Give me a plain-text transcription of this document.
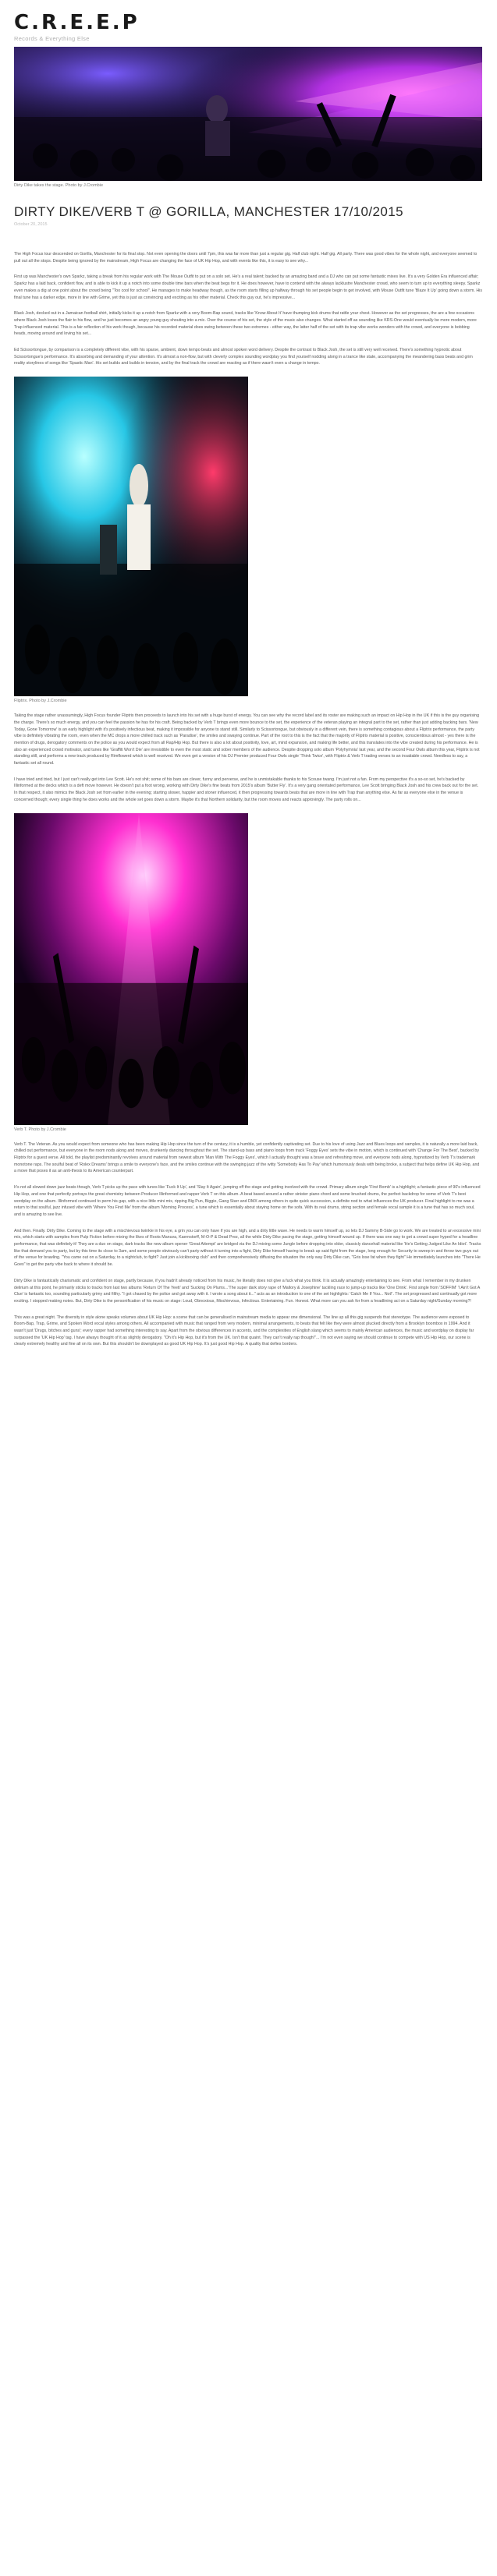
C.R.E.E.P
Records & Everything Else
Dirty Dike takes the stage. Photo by J.Crombie
DIRTY DIKE/VERB T @ GORILLA, MANCHESTER 17/10/2015
October 20, 2015

The High Focus tour descended on Gorilla, Manchester for its final stop. Not even opening the doors until 7pm, this was far more than just a regular gig. Half club night. Half gig. All party. There was good vibes for the whole night, and everyone seemed to pull out all the stops. Despite being ignored by the mainstream, High Focus are changing the face of UK Hip Hop, and with events like this, it is easy to see why...

First up was Manchester's own Sparkz, taking a break from his regular work with The Mouse Outfit to put on a solo set. He's a real talent; backed by an amazing band and a DJ who can put some fantastic mixes live. It's a very Golden Era influenced affair; Sparkz has a laid back, confident flow, and is able to kick it up a notch into some double time bars when the beat begs for it. He does however, have to contend with the always lacklustre Manchester crowd, who seem to turn up to everything sleepy. Sparkz even makes a dig at one point about the crowd being "Too cool for school". He manages to make headway though, as the room starts filling up halfway through his set people begin to get involved, with Mouse Outfit tune 'Blaze It Up' going down a storm. His final tune has a darker edge, more in line with Grime, yet this is just as convincing and exciting as his other material. Check this guy out, he's impressive...

Black Josh, decked out in a Jamaican football shirt, initially kicks it up a notch from Sparkz with a very Boom-Bap sound, tracks like 'Know About It' have thumping kick drums that rattle your chest. However as the set progresses, the are a few occasions where Black Josh loses the flair to his flow, and he just becomes an angry young guy shouting into a mic. Over the course of his set, the style of the music also changes. What started off as sounding like KRS-One would eventually be more modern, more Trap influenced material. This is a fair reflection of his work though, because his recorded material does swing between these two extremes - either way, the latter half of the set with its trap vibe works wonders with the crowd, and everyone is bobbing heads, moving around and loving his set...

Ed Scissortongue, by comparison is a completely different vibe, with his sparse, ambient, down tempo beats and almost spoken word delivery. Despite the contrast to Black Josh, the set is still very well received. There's something hypnotic about Scissortongue's performance. It's absorbing and demanding of your attention. It's almost a non-flow, but with cleverly complex sounding wordplay you find yourself nodding along in a trance like state, accompanying the meandering bass beats and grim reality storylines of songs like 'Spastic Man'. His set builds and builds in tension, and by the final track the crowd are reacting as if there wasn't even a change in tempo.

Fliptrix. Photo by J.Crombie

Taking the stage rather unassumingly, High Focus founder Fliptrix then proceeds to launch into his set with a huge burst of energy. You can see why the record label and its roster are making such an impact on Hip Hop in the UK if this is the guy organising the charge. There's so much energy, and you can feel the passion he has for his craft. Being backed by Verb T brings even more bounce to the set, the experience of the veteran playing an integral part to the set, rather than just adding backing bars. 'New Today, Gone Tomorrow' is an early highlight with it's positively infectious beat, making it impossible for anyone to stand still. Similarly to Scissortongue, but obviously in a different vein, there is something contagious about a Fliptrix performance, the party vibe is definitely vibrating the room, even when the MC drops a more chilled track such as 'Paradise', the smiles and swaying continue. Part of the root to this is the fact that the majority of Fliptrix material is positive, conscientious almost - yes there is the mention of drugs, derogatory comments on the police as you would expect from all Rap/Hip Hop. But there is also a lot about positivity, love, art, mind expansion, and making life better, and this translates into the vibe created during his performance. He is also an experienced crowd motivator, and tunes like 'Graffiti Won't Die' are irresistible to even the most static and sober members of the audience. Despite dropping solo album 'Polyhymnia' last year, and the second Four Owls album this year, Fliptrix is not standing still, and performs a new track produced by Rimflowerd which is well received. We even get a version of his DJ Premier produced Four Owls single 'Think Twice', with Fliptrix & Verb T trading verses to an insatiable crowd. Needless to say, a fantastic set all round.

I have tried and tried, but I just can't really get into Lee Scott. He's not shit; some of his bars are clever, funny and perverse, and he is unmistakable thanks to his Scouse twang. I'm just not a fan. From my perspective it's a so-so set, he's backed by Illinformed at the decks which is a deft move however. He doesn't put a foot wrong, working with Dirty Dike's fine beats from 2015's album 'Butter Fly'. It's a very gang orientated performance, Lee Scott bringing Black Josh and his crew back out for the set. In that respect, it also mimics the Black Josh set from earlier in the evening; starting slower, happier and stoner influenced, it then progressing towards beats that are more in line with Trap than anything else. As far as everyone else in the venue is concerned though; every single thing he does works and the whole set goes down a storm. Maybe it's that Northern solidarity, but the room moves and reacts approvingly. The party rolls on...

Verb T. Photo by J.Crombie

Verb T. The Veteran. As you would expect from someone who has been making Hip Hop since the turn of the century, it is a humble, yet confidently captivating set. Due to his love of using Jazz and Blues loops and samples, it is naturally a more laid back, chilled out performance, but everyone in the room nods along and moves, drunkenly dancing throughout the set. The stand-up bass and piano loops from track 'Foggy Eyes' sets the vibe in motion, which is continued with 'Change For The Best', backed by Fliptrix for a guest verse. All told, the playlist predominantly revolves around material from newest album 'Man With The Foggy Eyes', which I actually thought was a brave and refreshing move, and everyone nods along, hypnotized by Verb T's trademark monotone raps. The soulful beat of 'Rolex Dreams' brings a smile to everyone's face, and the smiles continue with the swinging jazz of the witty 'Somebody Has To Pay' which humorously deals with being broke, a subject that helps define UK Hip Hop, and a move that poses it as an anti-thesis to its American counterpart.

It's not all slowed down jazz beats though, Verb T picks up the pace with tunes like 'Fuck It Up', and 'Slay It Again', jumping off the stage and getting involved with the crowd. Primary album single 'First Bomb' is a highlight; a fantastic piece of 90's influenced Hip Hop, and one that perfectly portrays the great chemistry between Producer Illinformed and rapper Verb T on this album. A beat based around a rather sinister piano chord and some brushed drums, the perfect backdrop for some of Verb T's best wordplay on the album. Illinformed continued to perm his gap, with a nice little mini mix, ripping Big Pun, Biggie, Gang Starr and DMX among others in quite quick succession, a definite nod to what influences the UK producer. Final highlight to me was a return to that soulful, jazz infused vibe with 'Where You Find Me' from the album 'Morning Process', a tune which is essentially about staying home on the sofa. With its real drums, string section and female vocal sample it is a tune that has so much soul, and is amazing to see live.

And then. Finally. Dirty Dike. Coming to the stage with a mischievous twinkle in his eye, a grin you can only have if you are high, and a dirty little wave. He needs to warm himself up, so lets DJ Sammy B-Side go to work. We are treated to an excessive mini mix, which starts with samples from Pulp Fiction before mixing the likes of Roots Manuva, Kaernstorff, M-O-P & Dead Prez, all the while Dirty Dike pacing the stage, getting himself wound up. If there was one way to get a crowd super hyped for a headline performance, that was definitely it! They are a duo on stage, dark tracks like new album opener 'Great Attempt' are bridged via the DJ mixing some Jungle before dropping into older, classicly dancehall material like 'He's Getting Judged Like An Idiot'. Tracks like that demand you to party, but by this time its close to 3am, and some people obviously can't party without it turning into a fight, Dirty Dike himself having to break up said fight from the stage, long enough for Security to sweep in and throw two guys out of the venue for brawling. "You came out on a Saturday, to a nightclub, to fight? Just join a kickboxing club" and then comprehensively diffusing the situation the only way Dirty Dike can, "Gris lose fat when they fight" He immediately launches into "There He Goes" to get the party vibe back to where it should be.

Dirty Dike is fantastically charismatic and confident on stage, partly because, if you hadn't already noticed from his music, he literally does not give a fuck what you think. It is actually amazingly entertaining to see. From what I remember in my drunken delirium at this point, he primarily sticks to tracks from last two albums 'Return Of The Yeeti' and 'Sucking On Plums...'The super dark story rape of 'Mallory & Josephine' tackling race to jump-up tracks like 'One Drink'. First single from 'SOFFIM' 'I Ain't Got A Clue' is fantastic too, sounding particularly grimy and filthy. "I got chased by the police and got away with it. I wrote a song about it..." acts as an introduction to one of the set highlights: 'Catch Me If You... Not!'. The set progressed and continually got more exciting. I stopped making notes. But, Dirty Dike is the personification of his music on stage: Loud, Obnoxious, Mischievous, Infectious. Entertaining. Fun. Honest. What more can you ask for from a headlining act on a Saturday night/Sunday morning?!

This was a great night. The diversity in style alone speaks volumes about UK Hip Hop: a scene that can be generalised in mainstream media to appear one dimensional. The line up all this gig suspends that stereotype. The audience were exposed to Boom-Bap, Trap, Grime, and Spoken Word vocal styles among others. All accompanied with music that ranged from very modern, minimal arrangements, to beats that felt like they were almost plucked directly from a Brooklyn boombox in 1994. And it wasn't just 'Drugs, bitches and guns'; every rapper had something interesting to say. Apart from the obvious differences in accents, and the complexities of English slang which seems to mainly American audiences, the music and wordplay on display far surpassed the 'UK Hip Hop' tag. I have always thought of it as slightly derogatory. "Oh it's Hip Hop, but it's from the UK. Isn't that quaint. They can't really rap though!"... I'm not even saying we should continue to compete with US Hip Hop, our scene is clearly extremely healthy and fine all on its own. But this shouldn't be downplayed as good UK Hip Hop. It's just good Hip Hop. A quality that defies borders.
